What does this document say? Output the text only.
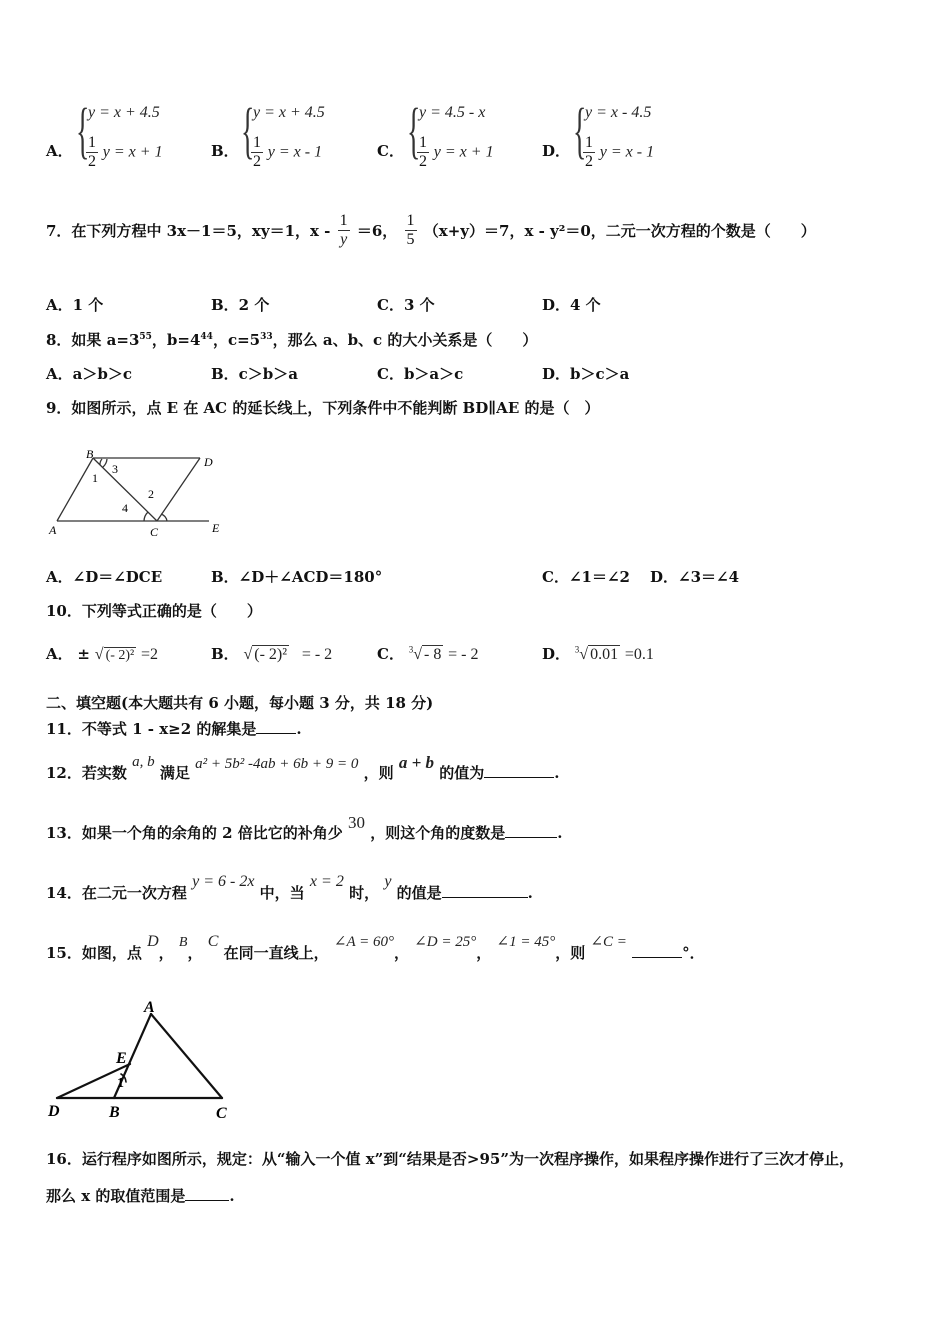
A． {
y = x + 4.5
$\frac{1}{2}$ y = x + 1	B． {
y = x + 4.5
$\frac{1}{2}$ y = x - 1	C． {
y = 4.5 - x
$\frac{1}{2}$ y = x + 1	D． {
y = x - 4.5
$\frac{1}{2}$ y = x - 1
7．在下列方程中 3x－1＝5，xy＝1，$x - \frac{1}{y} =6$， $\frac{1}{5} (x+y)=7$，x - y²＝0，二元一次方程的个数是（　　）
A．1 个	B．2 个	C．3 个	D．4 个
8．如果 $a=3^{55}$，$b=4^{44}$，$c=5^{33}$，那么 a、b、c 的大小关系是（　　）
A．a＞b＞c	B．c＞b＞a	C．b＞a＞c	D．b＞c＞a
9．如图所示，点 E 在 AC 的延长线上，下列条件中不能判断 BD∥AE 的是（　）
B
D
A	C	E
1
2
3
4
A．∠D＝∠DCE	B．∠D＋∠ACD＝180°	C．∠1＝∠2 D．∠3＝∠4
10．下列等式正确的是（　　）
A． ± √ (- 2)² =2	B． √ (- 2)² = - 2	C． $^3$√ - 8 = - 2	D． $^3$√ 0.01 =0.1
二、填空题(本大题共有 6 小题，每小题 3 分，共 18 分)
11．不等式 1 - x≥2 的解集是	.
12．若实数 a, b 满足 a² + 5b² -4ab + 6b + 9 = 0 ，则 a + b 的值为	.
13．如果一个角的余角的 2 倍比它的补角少 30 ，则这个角的度数是	.
14．在二元一次方程 y = 6 - 2x 中，当 x = 2 时， y 的值是	.
15．如图，点 D， B， C 在同一直线上， ∠A = 60°， ∠D = 25°， ∠1 = 45°，则 ∠C = °．
A
E
1
D	B	C
16．运行程序如图所示，规定：从“输入一个值 x”到“结果是否>95”为一次程序操作，如果程序操作进行了三次才停止，
那么 x 的取值范围是	.
